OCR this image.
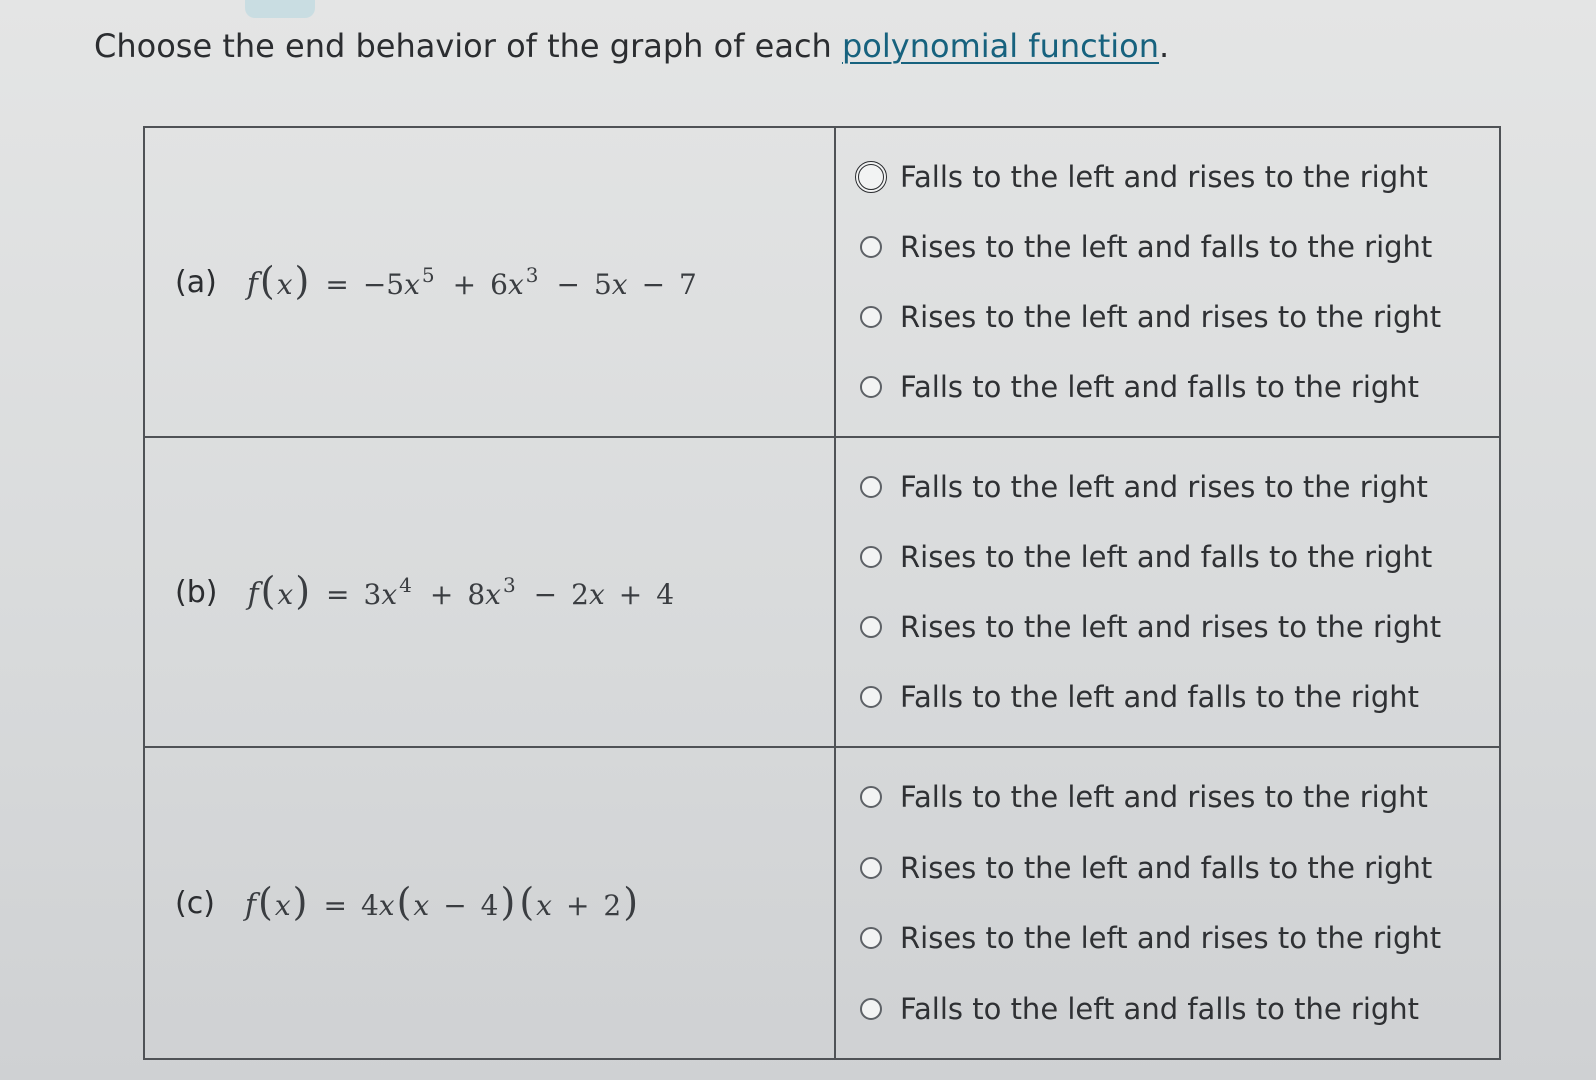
Choose the end behavior of the graph of each polynomial function.
(a) f ( x ) = − 5 $x^5 + 6$ $x^3 - 5$ x − 7
Falls to the left and rises to the right
Rises to the left and falls to the right
Rises to the left and rises to the right
Falls to the left and falls to the right
(b) f ( x ) = 3 $x^4 + 8$ $x^3 - 2$ x + 4
Falls to the left and rises to the right
Rises to the left and falls to the right
Rises to the left and rises to the right
Falls to the left and falls to the right
(c) f ( x ) = 4 x ( x − 4 ) ( x + 2 )
Falls to the left and rises to the right
Rises to the left and falls to the right
Rises to the left and rises to the right
Falls to the left and falls to the right
